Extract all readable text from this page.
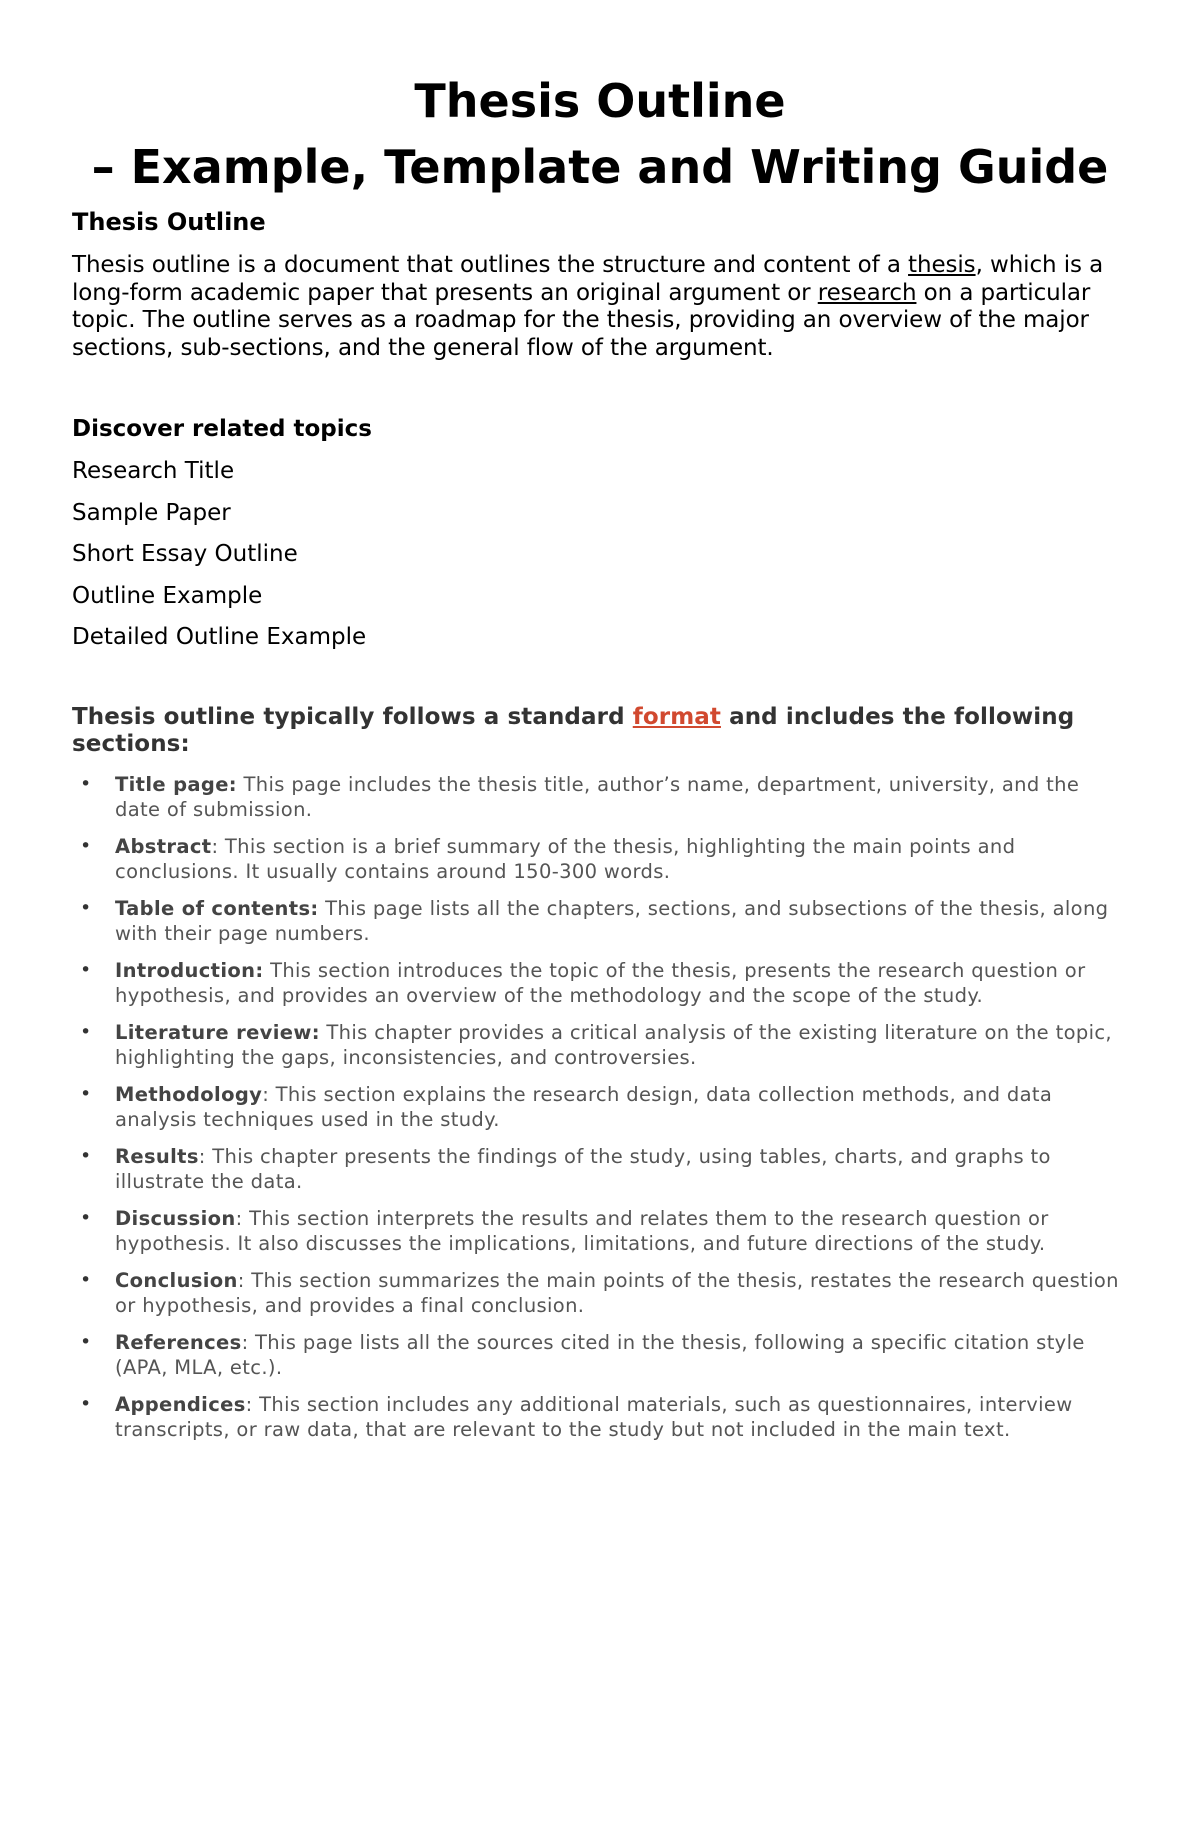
Thesis Outline
– Example, Template and Writing Guide
Thesis Outline

Thesis outline is a document that outlines the structure and content of a thesis, which is a long-form academic paper that presents an original argument or research on a particular topic. The outline serves as a roadmap for the thesis, providing an overview of the major sections, sub-sections, and the general flow of the argument.

Discover related topics
Research Title
Sample Paper
Short Essay Outline
Outline Example
Detailed Outline Example
Thesis outline typically follows a standard format and includes the following sections:
• Title page: This page includes the thesis title, author’s name, department, university, and the date of submission.
• Abstract: This section is a brief summary of the thesis, highlighting the main points and conclusions. It usually contains around 150-300 words.
• Table of contents: This page lists all the chapters, sections, and subsections of the thesis, along with their page numbers.
• Introduction: This section introduces the topic of the thesis, presents the research question or hypothesis, and provides an overview of the methodology and the scope of the study.
• Literature review: This chapter provides a critical analysis of the existing literature on the topic, highlighting the gaps, inconsistencies, and controversies.
• Methodology: This section explains the research design, data collection methods, and data analysis techniques used in the study.
• Results: This chapter presents the findings of the study, using tables, charts, and graphs to illustrate the data.
• Discussion: This section interprets the results and relates them to the research question or hypothesis. It also discusses the implications, limitations, and future directions of the study.
• Conclusion: This section summarizes the main points of the thesis, restates the research question or hypothesis, and provides a final conclusion.
• References: This page lists all the sources cited in the thesis, following a specific citation style (APA, MLA, etc.).
• Appendices: This section includes any additional materials, such as questionnaires, interview transcripts, or raw data, that are relevant to the study but not included in the main text.
